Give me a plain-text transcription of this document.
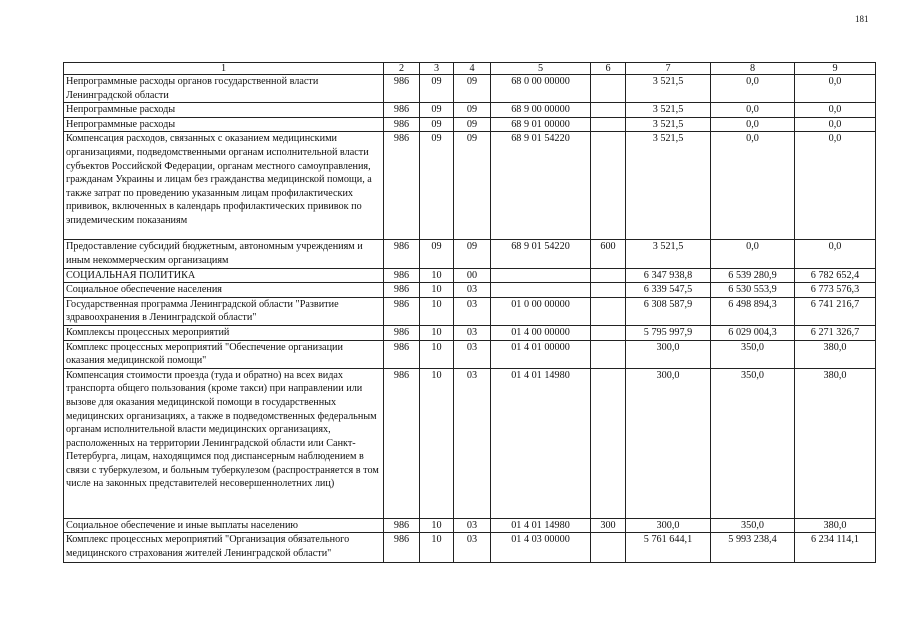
181
1	2	3	4	5	6	7	8	9
Непрограммные расходы органов государственной власти Ленинградской области	986	09	09	68 0 00 00000		3 521,5	0,0	0,0
Непрограммные расходы	986	09	09	68 9 00 00000		3 521,5	0,0	0,0
Непрограммные расходы	986	09	09	68 9 01 00000		3 521,5	0,0	0,0
Компенсация расходов, связанных с оказанием медицинскими организациями, подведомственными органам исполнительной власти субъектов Российской Федерации, органам местного самоуправления, гражданам Украины и лицам без гражданства медицинской помощи, а также затрат по проведению указанным лицам профилактических прививок, включенных в календарь профилактических прививок по эпидемическим показаниям	986	09	09	68 9 01 54220		3 521,5	0,0	0,0
Предоставление субсидий бюджетным, автономным учреждениям и иным некоммерческим организациям	986	09	09	68 9 01 54220	600	3 521,5	0,0	0,0
СОЦИАЛЬНАЯ ПОЛИТИКА	986	10	00			6 347 938,8	6 539 280,9	6 782 652,4
Социальное обеспечение населения	986	10	03			6 339 547,5	6 530 553,9	6 773 576,3
Государственная программа Ленинградской области "Развитие здравоохранения в Ленинградской области"	986	10	03	01 0 00 00000		6 308 587,9	6 498 894,3	6 741 216,7
Комплексы процессных мероприятий	986	10	03	01 4 00 00000		5 795 997,9	6 029 004,3	6 271 326,7
Комплекс процессных мероприятий "Обеспечение организации оказания медицинской помощи"	986	10	03	01 4 01 00000		300,0	350,0	380,0
Компенсация стоимости проезда (туда и обратно) на всех видах транспорта общего пользования (кроме такси) при направлении или вызове для оказания медицинской помощи в государственных медицинских организациях, а также в подведомственных федеральным органам исполнительной власти медицинских организациях, расположенных на территории Ленинградской области или Санкт-Петербурга, лицам, находящимся под диспансерным наблюдением в связи с туберкулезом, и больным туберкулезом (распространяется в том числе на законных представителей несовершеннолетних лиц)	986	10	03	01 4 01 14980		300,0	350,0	380,0
Социальное обеспечение и иные выплаты населению	986	10	03	01 4 01 14980	300	300,0	350,0	380,0
Комплекс процессных мероприятий "Организация обязательного медицинского страхования жителей Ленинградской области"	986	10	03	01 4 03 00000		5 761 644,1	5 993 238,4	6 234 114,1
